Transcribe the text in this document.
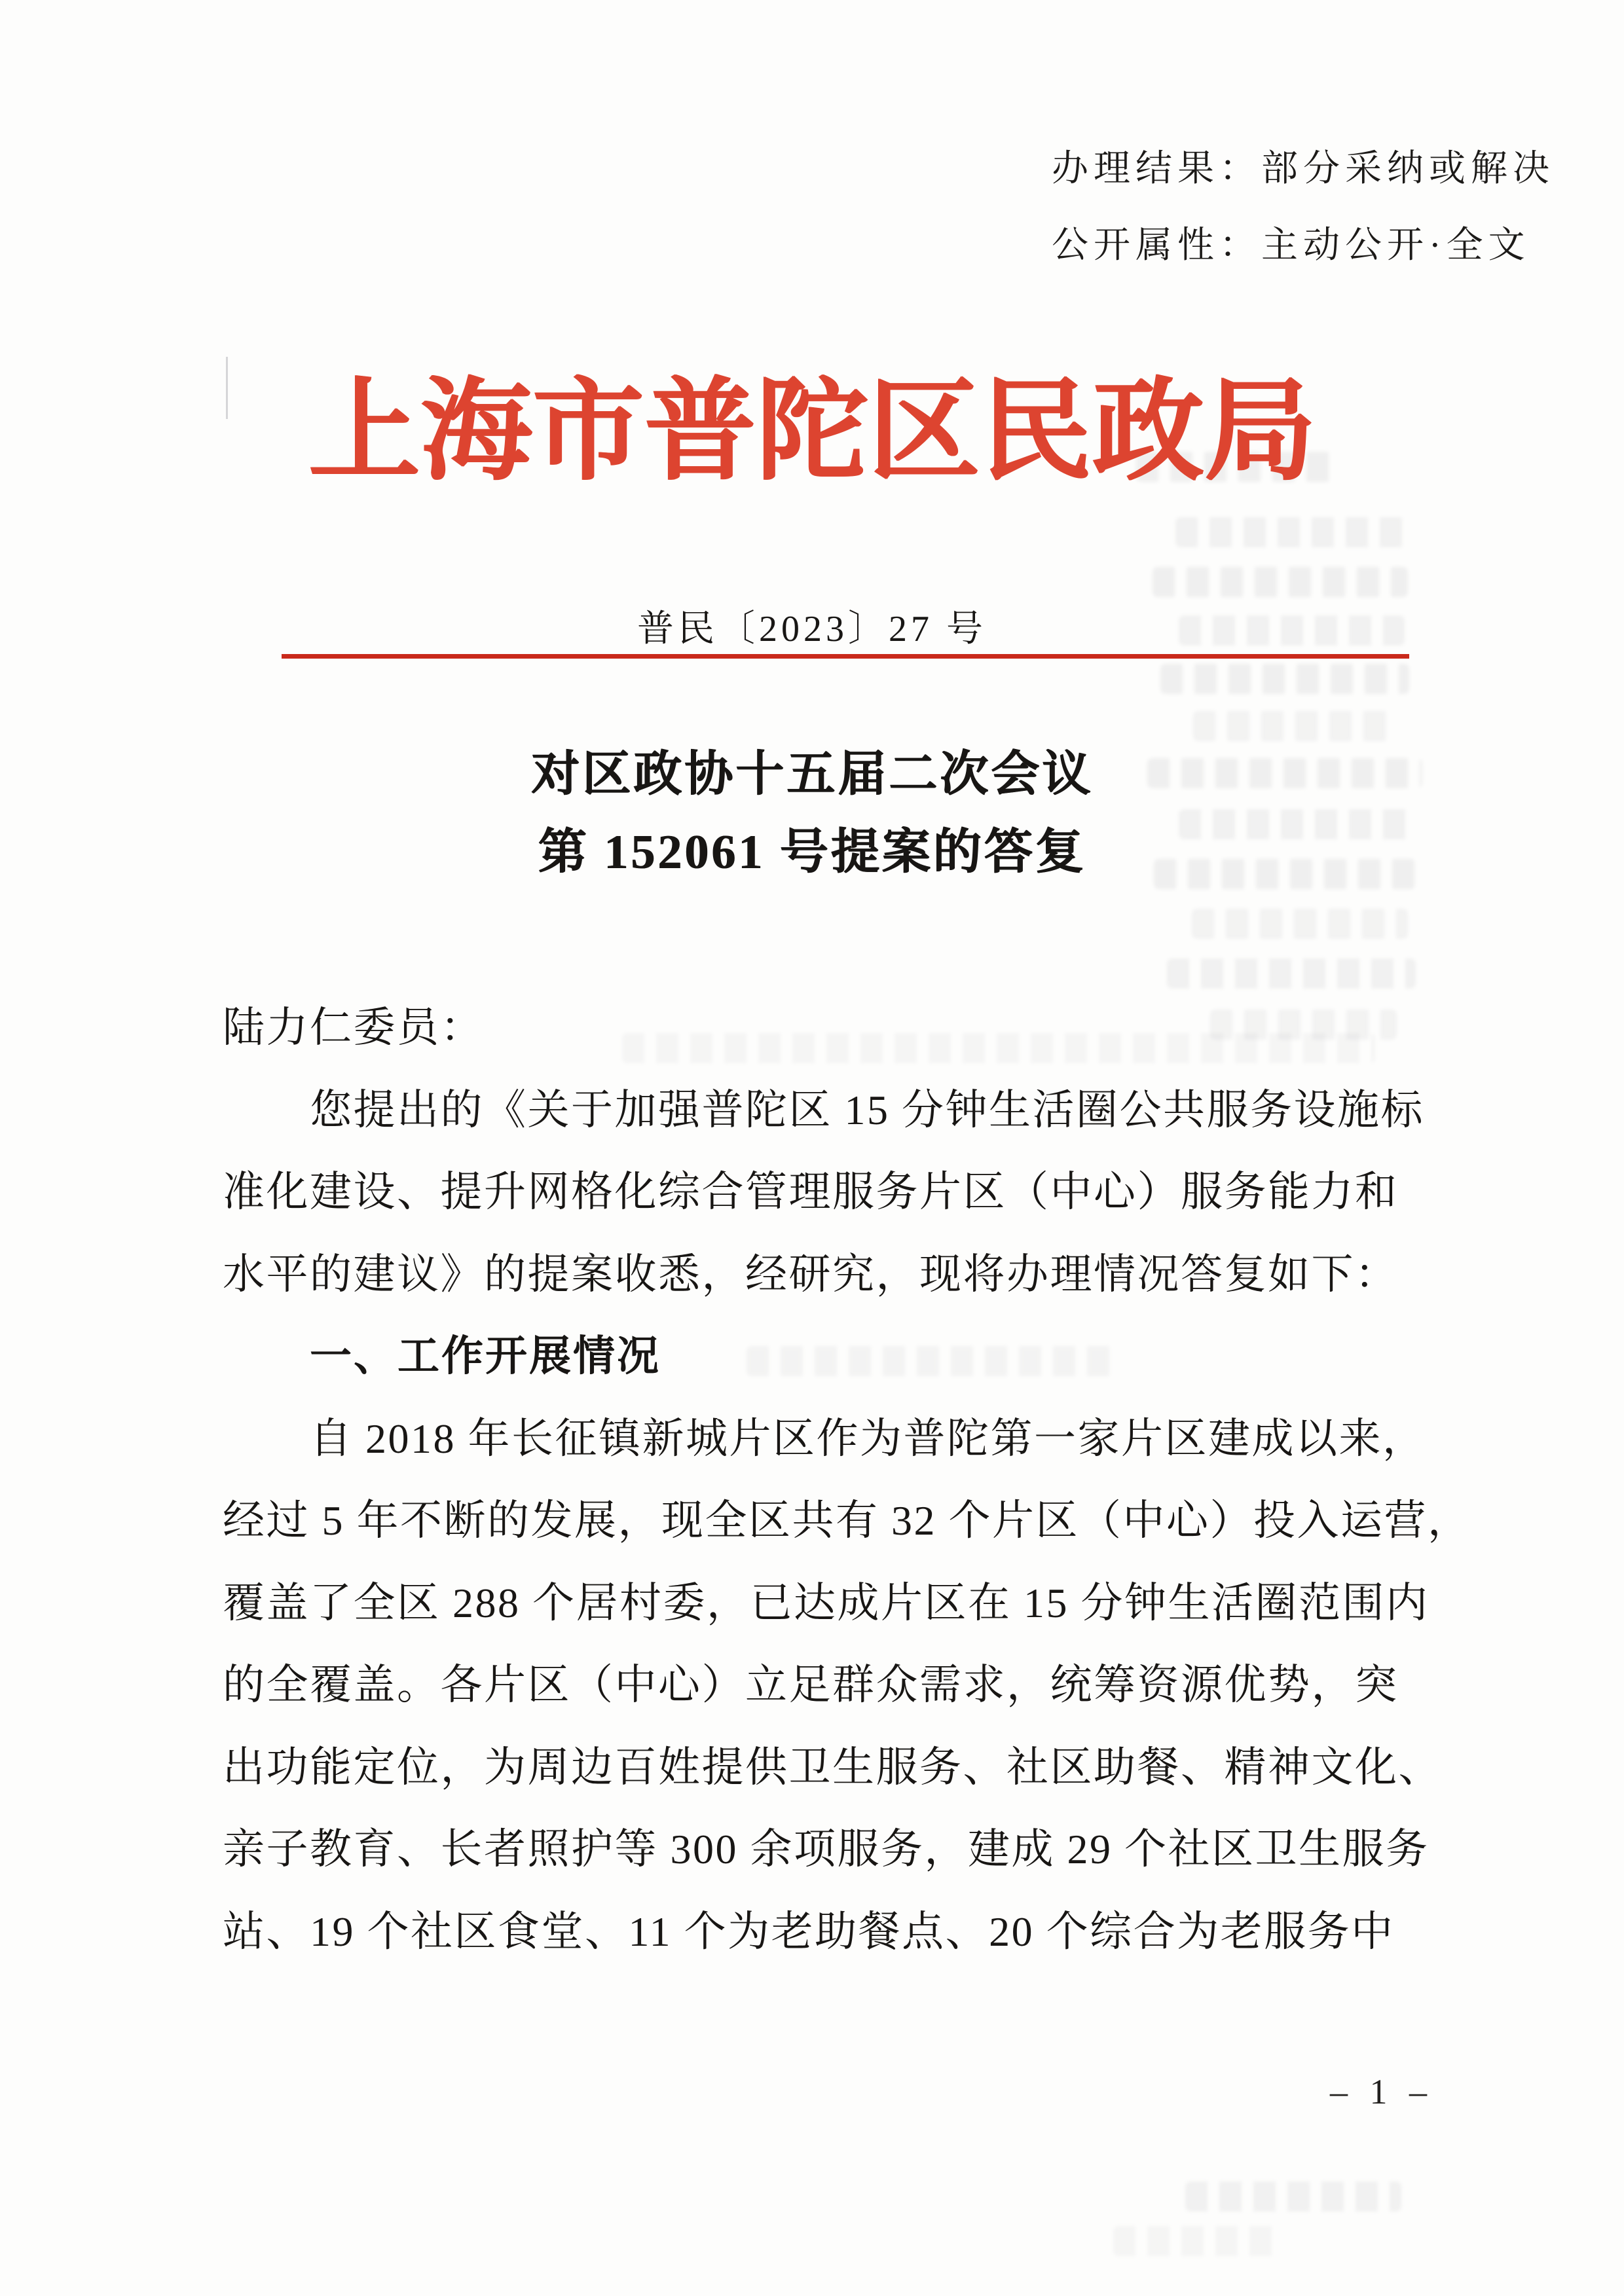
办理结果：部分采纳或解决
公开属性：主动公开·全文
上海市普陀区民政局
普民〔2023〕27 号
对区政协十五届二次会议
第 152061 号提案的答复
陆力仁委员：
您提出的《关于加强普陀区 15 分钟生活圈公共服务设施标
准化建设、提升网格化综合管理服务片区（中心）服务能力和
水平的建议》的提案收悉，经研究，现将办理情况答复如下：
一、工作开展情况
自 2018 年长征镇新城片区作为普陀第一家片区建成以来，
经过 5 年不断的发展，现全区共有 32 个片区（中心）投入运营，
覆盖了全区 288 个居村委，已达成片区在 15 分钟生活圈范围内
的全覆盖。各片区（中心）立足群众需求，统筹资源优势，突
出功能定位，为周边百姓提供卫生服务、社区助餐、精神文化、
亲子教育、长者照护等 300 余项服务，建成 29 个社区卫生服务
站、19 个社区食堂、11 个为老助餐点、20 个综合为老服务中
– 1 –
